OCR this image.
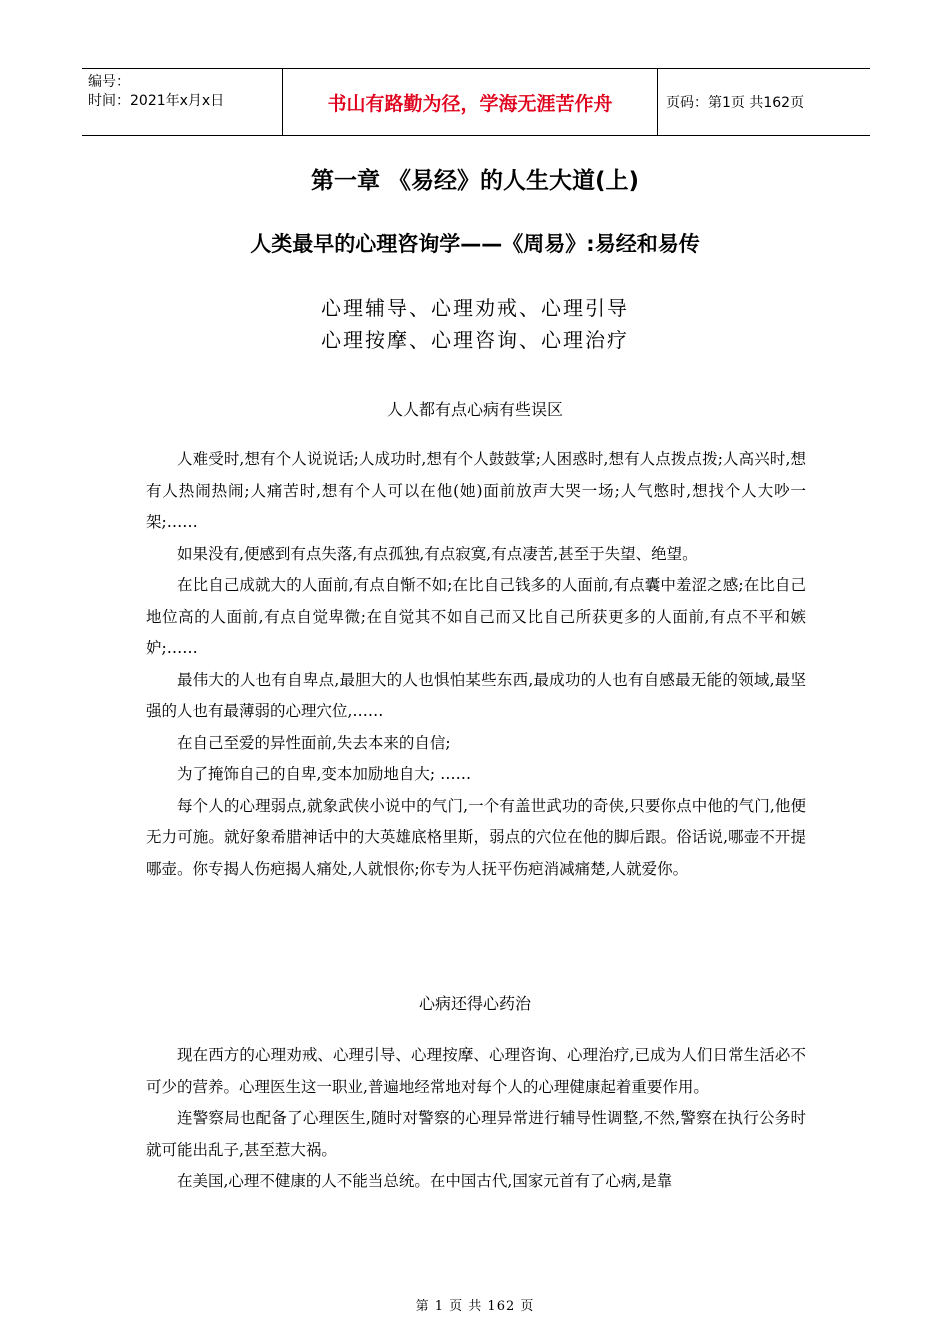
编号：
时间：2021年x月x日	书山有路勤为径，学海无涯苦作舟	页码：第1页 共162页
第一章 《易经》的人生大道(上)
人类最早的心理咨询学——《周易》:易经和易传
心理辅导、心理劝戒、心理引导
心理按摩、心理咨询、心理治疗
人人都有点心病有些误区

人难受时,想有个人说说话;人成功时,想有个人鼓鼓掌;人困惑时,想有人点拨点拨;人高兴时,想有人热闹热闹;人痛苦时,想有个人可以在他(她)面前放声大哭一场;人气憋时,想找个人大吵一架;……

如果没有,便感到有点失落,有点孤独,有点寂寞,有点凄苦,甚至于失望、绝望。

在比自己成就大的人面前,有点自惭不如;在比自己钱多的人面前,有点囊中羞涩之感;在比自己地位高的人面前,有点自觉卑微;在自觉其不如自己而又比自己所获更多的人面前,有点不平和嫉妒;……

最伟大的人也有自卑点,最胆大的人也惧怕某些东西,最成功的人也有自感最无能的领域,最坚强的人也有最薄弱的心理穴位,……

在自己至爱的异性面前,失去本来的自信;

为了掩饰自己的自卑,变本加励地自大; ……

每个人的心理弱点,就象武侠小说中的气门,一个有盖世武功的奇侠,只要你点中他的气门,他便无力可施。就好象希腊神话中的大英雄底格里斯，弱点的穴位在他的脚后跟。俗话说,哪壶不开提哪壶。你专揭人伤疤揭人痛处,人就恨你;你专为人抚平伤疤消减痛楚,人就爱你。

心病还得心药治

现在西方的心理劝戒、心理引导、心理按摩、心理咨询、心理治疗,已成为人们日常生活必不可少的营养。心理医生这一职业,普遍地经常地对每个人的心理健康起着重要作用。

连警察局也配备了心理医生,随时对警察的心理异常进行辅导性调整,不然,警察在执行公务时就可能出乱子,甚至惹大祸。

在美国,心理不健康的人不能当总统。在中国古代,国家元首有了心病,是靠

第 1 页 共 162 页
